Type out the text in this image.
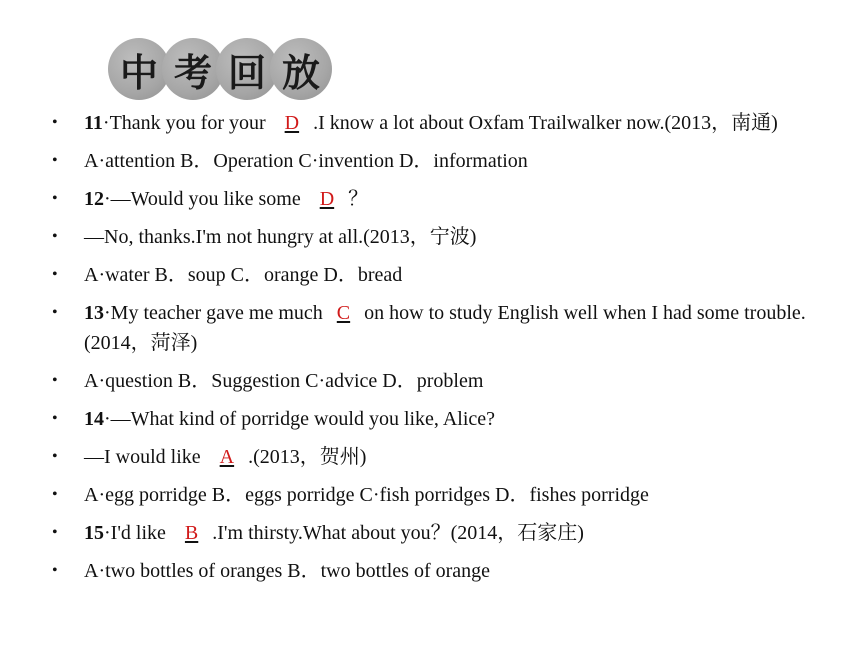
中 考 回 放
• 11·Thank you for your D .I know a lot about Oxfam Trailwalker now.(2013，南通)
• A·attention B．Operation C·invention D．information
• 12·—Would you like some D ？
• —No, thanks.I'm not hungry at all.(2013，宁波)
• A·water B．soup C．orange D．bread
• 13·My teacher gave me much C on how to study English well when I had some trouble.(2014，菏泽)
• A·question B．Suggestion C·advice D．problem
• 14·—What kind of porridge would you like, Alice?
• —I would like A .(2013，贺州)
• A·egg porridge B．eggs porridge C·fish porridges D．fishes porridge
• 15·I'd like B .I'm thirsty.What about you？(2014，石家庄)
• A·two bottles of oranges B．two bottles of orange
